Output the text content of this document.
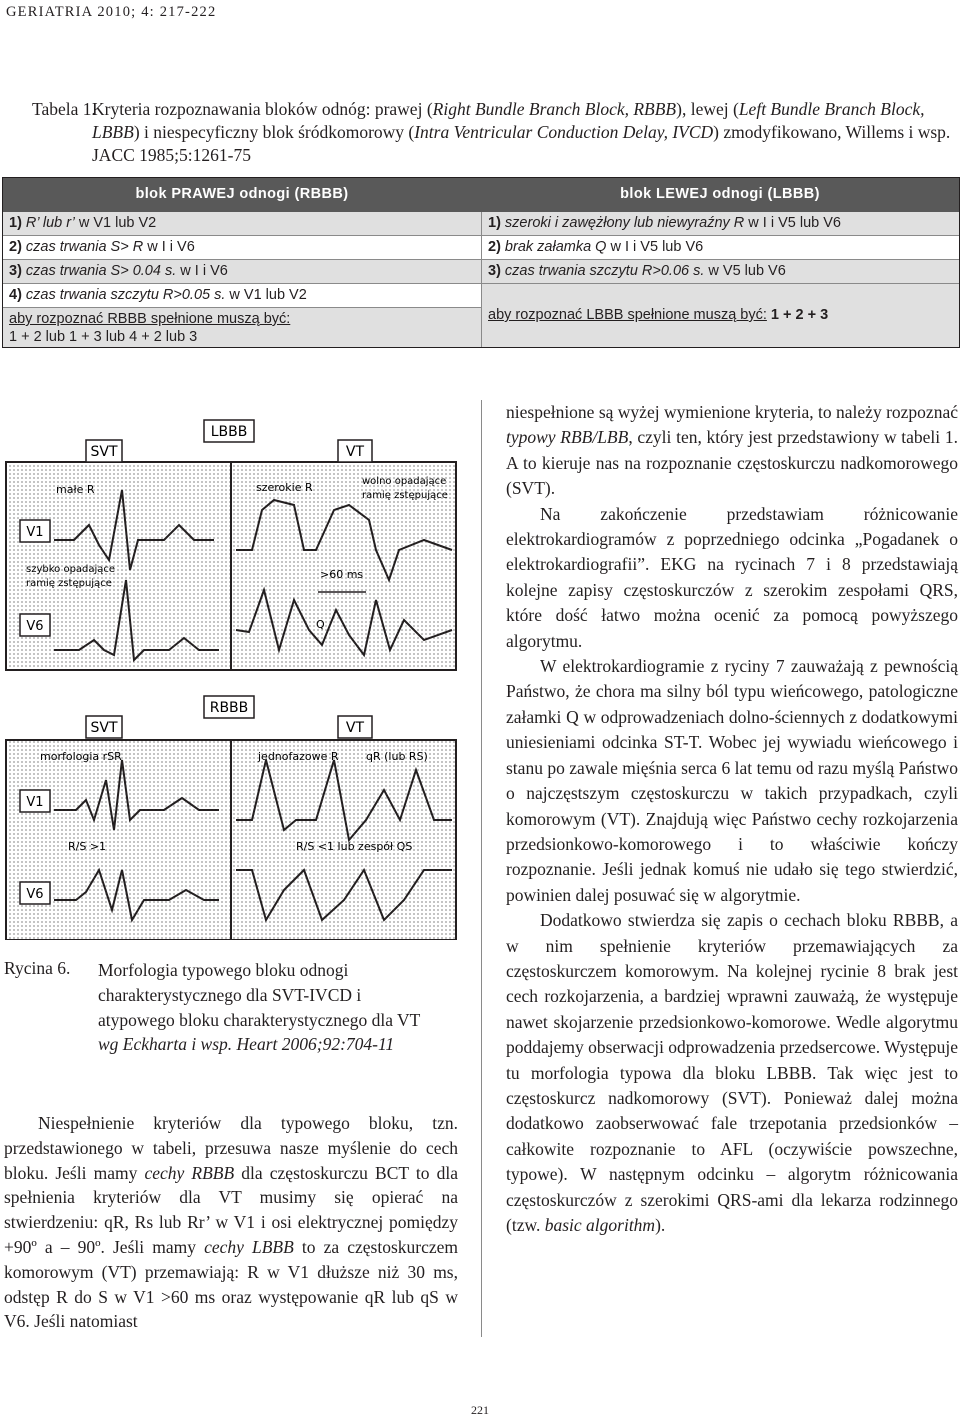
GERIATRIA 2010; 4: 217-222
Tabela 1.
Kryteria rozpoznawania bloków odnóg: prawej (Right Bundle Branch Block, RBBB), lewej (Left Bundle Branch Block, LBBB) i niespecyficzny blok śródkomorowy (Intra Ventricular Conduction Delay, IVCD) zmodyfikowano, Willems i wsp. JACC 1985;5:1261-75
blok PRAWEJ odnogi (RBBB)	blok LEWEJ odnogi (LBBB)
1) R’ lub r’ w V1 lub V2	1) szeroki i zawężłony lub niewyraźny R w I i V5 lub V6
2) czas trwania S> R w I i V6	2) brak załamka Q w I i V5 lub V6
3) czas trwania S> 0.04 s. w I i V6	3) czas trwania szczytu R>0.06 s. w V5 lub V6
4) czas trwania szczytu R>0.05 s. w V1 lub V2
aby rozpoznać RBBB spełnione muszą być:
1 + 2 lub 1 + 3 lub 4 + 2 lub 3
aby rozpoznać LBBB spełnione muszą być: 1 + 2 + 3
SVT
LBBB
VT
V1
V6
małe R
szybko opadające
ramię zstępujące
szerokie R	wolno opadające
ramię zstępujące
>60 ms
Q
SVT
RBBB
VT
V1
V6
morfologia rSR
R/S >1
jednofazowe R qR (lub RS)
R/S <1 lub zespół QS
Rycina 6. Morfologia typowego bloku odnogi charakterystycznego dla SVT-IVCD i atypowego bloku charakterystycznego dla VT wg Eckharta i wsp. Heart 2006;92:704-11

Niespełnienie kryteriów dla typowego bloku, tzn. przedstawionego w tabeli, przesuwa nasze myślenie do cech bloku. Jeśli mamy cechy RBBB dla częstoskurczu BCT to dla spełnienia kryteriów dla VT musimy się opierać na stwierdzeniu: qR, Rs lub Rr’ w V1 i osi elektrycznej pomiędzy +90º a – 90º. Jeśli mamy cechy LBBB to za częstoskurczem komorowym (VT) przemawiają: R w V1 dłuższe niż 30 ms, odstęp R do S w V1 >60 ms oraz występowanie qR lub qS w V6. Jeśli natomiast

niespełnione są wyżej wymienione kryteria, to należy rozpoznać typowy RBB/LBB, czyli ten, który jest przedstawiony w tabeli 1. A to kieruje nas na rozpoznanie częstoskurczu nadkomorowego (SVT).

Na zakończenie przedstawiam różnicowanie elektrokardiogramów z poprzedniego odcinka „Pogadanek o elektrokardiografii”. EKG na rycinach 7 i 8 przedstawiają kolejne zapisy częstoskurczów z szerokim zespołami QRS, które dość łatwo można ocenić za pomocą powyższego algorytmu.

W elektrokardiogramie z ryciny 7 zauważają z pewnością Państwo, że chora ma silny ból typu wieńcowego, patologiczne załamki Q w odprowadzeniach dolno-ściennych z dodatkowymi uniesieniami odcinka ST-T. Wobec jej wywiadu wieńcowego i stanu po zawale mięśnia serca 6 lat temu od razu myślą Państwo o najczęstszym częstoskurczu w takich przypadkach, czyli komorowym (VT). Znajdują więc Państwo cechy rozkojarzenia przedsionkowo-komorowego i to właściwie kończy rozpoznanie. Jeśli jednak komuś nie udało się tego stwierdzić, powinien dalej posuwać się w algorytmie.

Dodatkowo stwierdza się zapis o cechach bloku RBBB, a w nim spełnienie kryteriów przemawiających za częstoskurczem komorowym. Na kolejnej rycinie 8 brak jest cech rozkojarzenia, a bardziej wprawni zauważą, że występuje nawet skojarzenie przedsionkowo-komorowe. Wedle algorytmu poddajemy obserwacji odprowadzenia przedsercowe. Występuje tu morfologia typowa dla bloku LBBB. Tak więc jest to częstoskurcz nadkomorowy (SVT). Ponieważ dalej można dodatkowo zaobserwować fale trzepotania przedsionków – całkowite rozpoznanie to AFL (oczywiście powszechne, typowe). W następnym odcinku – algorytm różnicowania częstoskurczów z szerokimi QRS-ami dla lekarza rodzinnego (tzw. basic algorithm).

221
